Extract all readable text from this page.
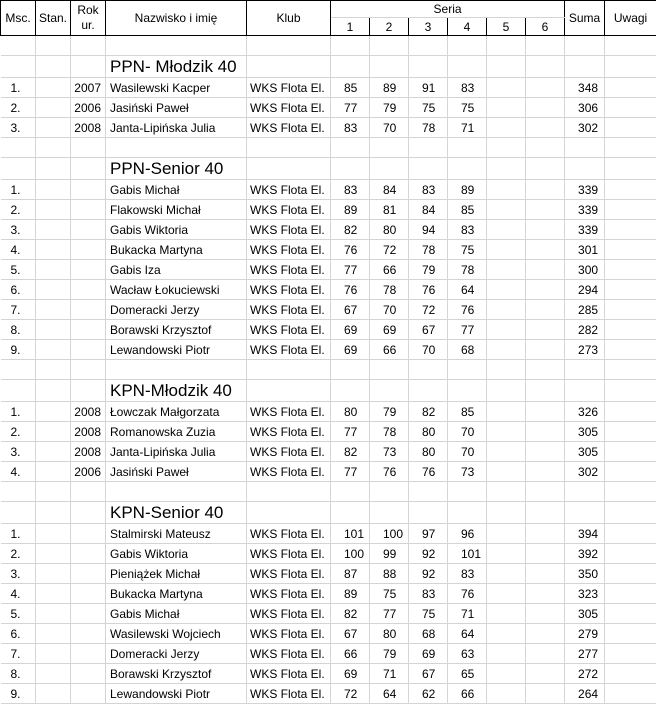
Msc.	Stan.	Rok
ur.	Nazwisko i imię	Klub	Seria						Suma	Uwagi
					1	2	3	4	5	6		

			PPN- Młodzik 40									
1.		2007	Wasilewski Kacper	WKS Flota El.	85	89	91	83			348	
2.		2006	Jasiński Paweł	WKS Flota El.	77	79	75	75			306	
3.		2008	Janta-Lipińska Julia	WKS Flota El.	83	70	78	71			302	

			PPN-Senior 40									
1.			Gabis Michał	WKS Flota El.	83	84	83	89			339	
2.			Flakowski Michał	WKS Flota El.	89	81	84	85			339	
3.			Gabis Wiktoria	WKS Flota El.	82	80	94	83			339	
4.			Bukacka Martyna	WKS Flota El.	76	72	78	75			301	
5.			Gabis Iza	WKS Flota El.	77	66	79	78			300	
6.			Wacław Łokuciewski	WKS Flota El.	76	78	76	64			294	
7.			Domeracki Jerzy	WKS Flota El.	67	70	72	76			285	
8.			Borawski Krzysztof	WKS Flota El.	69	69	67	77			282	
9.			Lewandowski Piotr	WKS Flota El.	69	66	70	68			273	

			KPN-Młodzik 40									
1.		2008	Łowczak Małgorzata	WKS Flota El.	80	79	82	85			326	
2.		2008	Romanowska Zuzia	WKS Flota El.	77	78	80	70			305	
3.		2008	Janta-Lipińska Julia	WKS Flota El.	82	73	80	70			305	
4.		2006	Jasiński Paweł	WKS Flota El.	77	76	76	73			302	

			KPN-Senior 40									
1.			Stalmirski Mateusz	WKS Flota El.	101	100	97	96			394	
2.			Gabis Wiktoria	WKS Flota El.	100	99	92	101			392	
3.			Pieniążek Michał	WKS Flota El.	87	88	92	83			350	
4.			Bukacka Martyna	WKS Flota El.	89	75	83	76			323	
5.			Gabis Michał	WKS Flota El.	82	77	75	71			305	
6.			Wasilewski Wojciech	WKS Flota El.	67	80	68	64			279	
7.			Domeracki Jerzy	WKS Flota El.	66	79	69	63			277	
8.			Borawski Krzysztof	WKS Flota El.	69	71	67	65			272	
9.			Lewandowski Piotr	WKS Flota El.	72	64	62	66			264	
